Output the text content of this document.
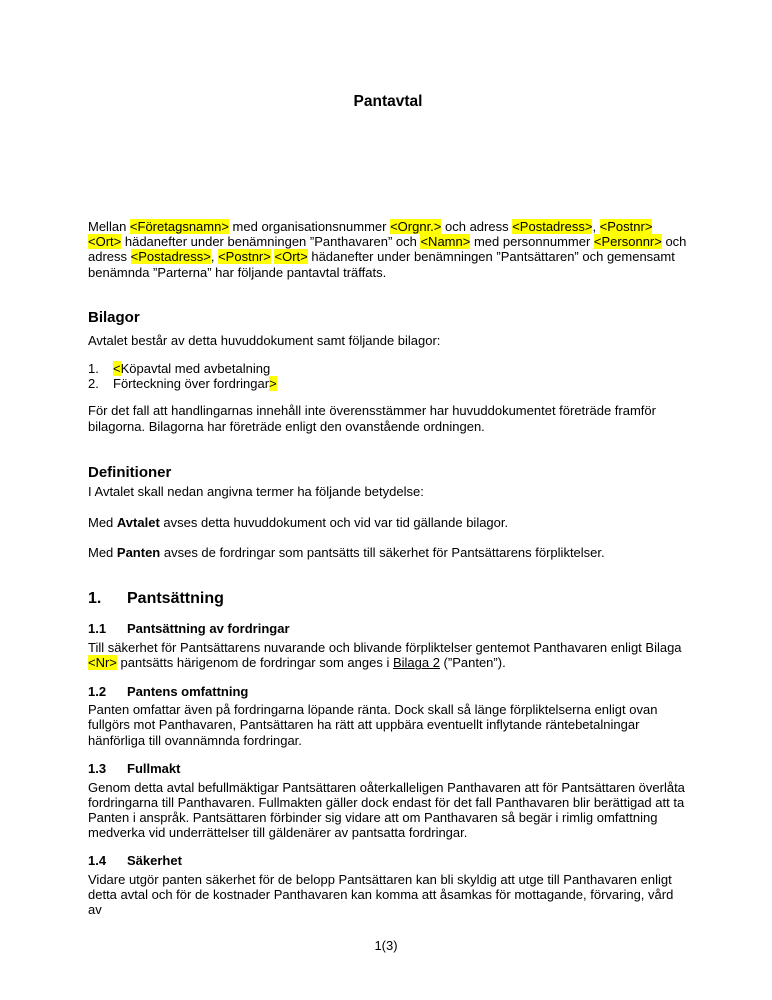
Pantavtal

Mellan <Företagsnamn> med organisationsnummer <Orgnr.> och adress <Postadress>, <Postnr> <Ort> hädanefter under benämningen ”Panthavaren” och <Namn> med personnummer <Personnr> och adress <Postadress>, <Postnr> <Ort> hädanefter under benämningen ”Pantsättaren” och gemensamt benämnda ”Parterna” har följande pantavtal träffats.

Bilagor

Avtalet består av detta huvuddokument samt följande bilagor:

1.	<Köpavtal med avbetalning
2.	Förteckning över fordringar>

För det fall att handlingarnas innehåll inte överensstämmer har huvuddokumentet företräde framför bilagorna. Bilagorna har företräde enligt den ovanstående ordningen.

Definitioner

I Avtalet skall nedan angivna termer ha följande betydelse:

Med Avtalet avses detta huvuddokument och vid var tid gällande bilagor.

Med Panten avses de fordringar som pantsätts till säkerhet för Pantsättarens förpliktelser.

1.	Pantsättning
1.1	Pantsättning av fordringar

Till säkerhet för Pantsättarens nuvarande och blivande förpliktelser gentemot Panthavaren enligt Bilaga <Nr> pantsätts härigenom de fordringar som anges i Bilaga 2 (”Panten”).

1.2	Pantens omfattning

Panten omfattar även på fordringarna löpande ränta. Dock skall så länge förpliktelserna enligt ovan fullgörs mot Panthavaren, Pantsättaren ha rätt att uppbära eventuellt inflytande räntebetalningar hänförliga till ovannämnda fordringar.

1.3	Fullmakt

Genom detta avtal befullmäktigar Pantsättaren oåterkalleligen Panthavaren att för Pantsättaren överlåta fordringarna till Panthavaren. Fullmakten gäller dock endast för det fall Panthavaren blir berättigad att ta Panten i anspråk. Pantsättaren förbinder sig vidare att om Panthavaren så begär i rimlig omfattning medverka vid underrättelser till gäldenärer av pantsatta fordringar.

1.4	Säkerhet

Vidare utgör panten säkerhet för de belopp Pantsättaren kan bli skyldig att utge till Panthavaren enligt detta avtal och för de kostnader Panthavaren kan komma att åsamkas för mottagande, förvaring, vård av

1(3)
